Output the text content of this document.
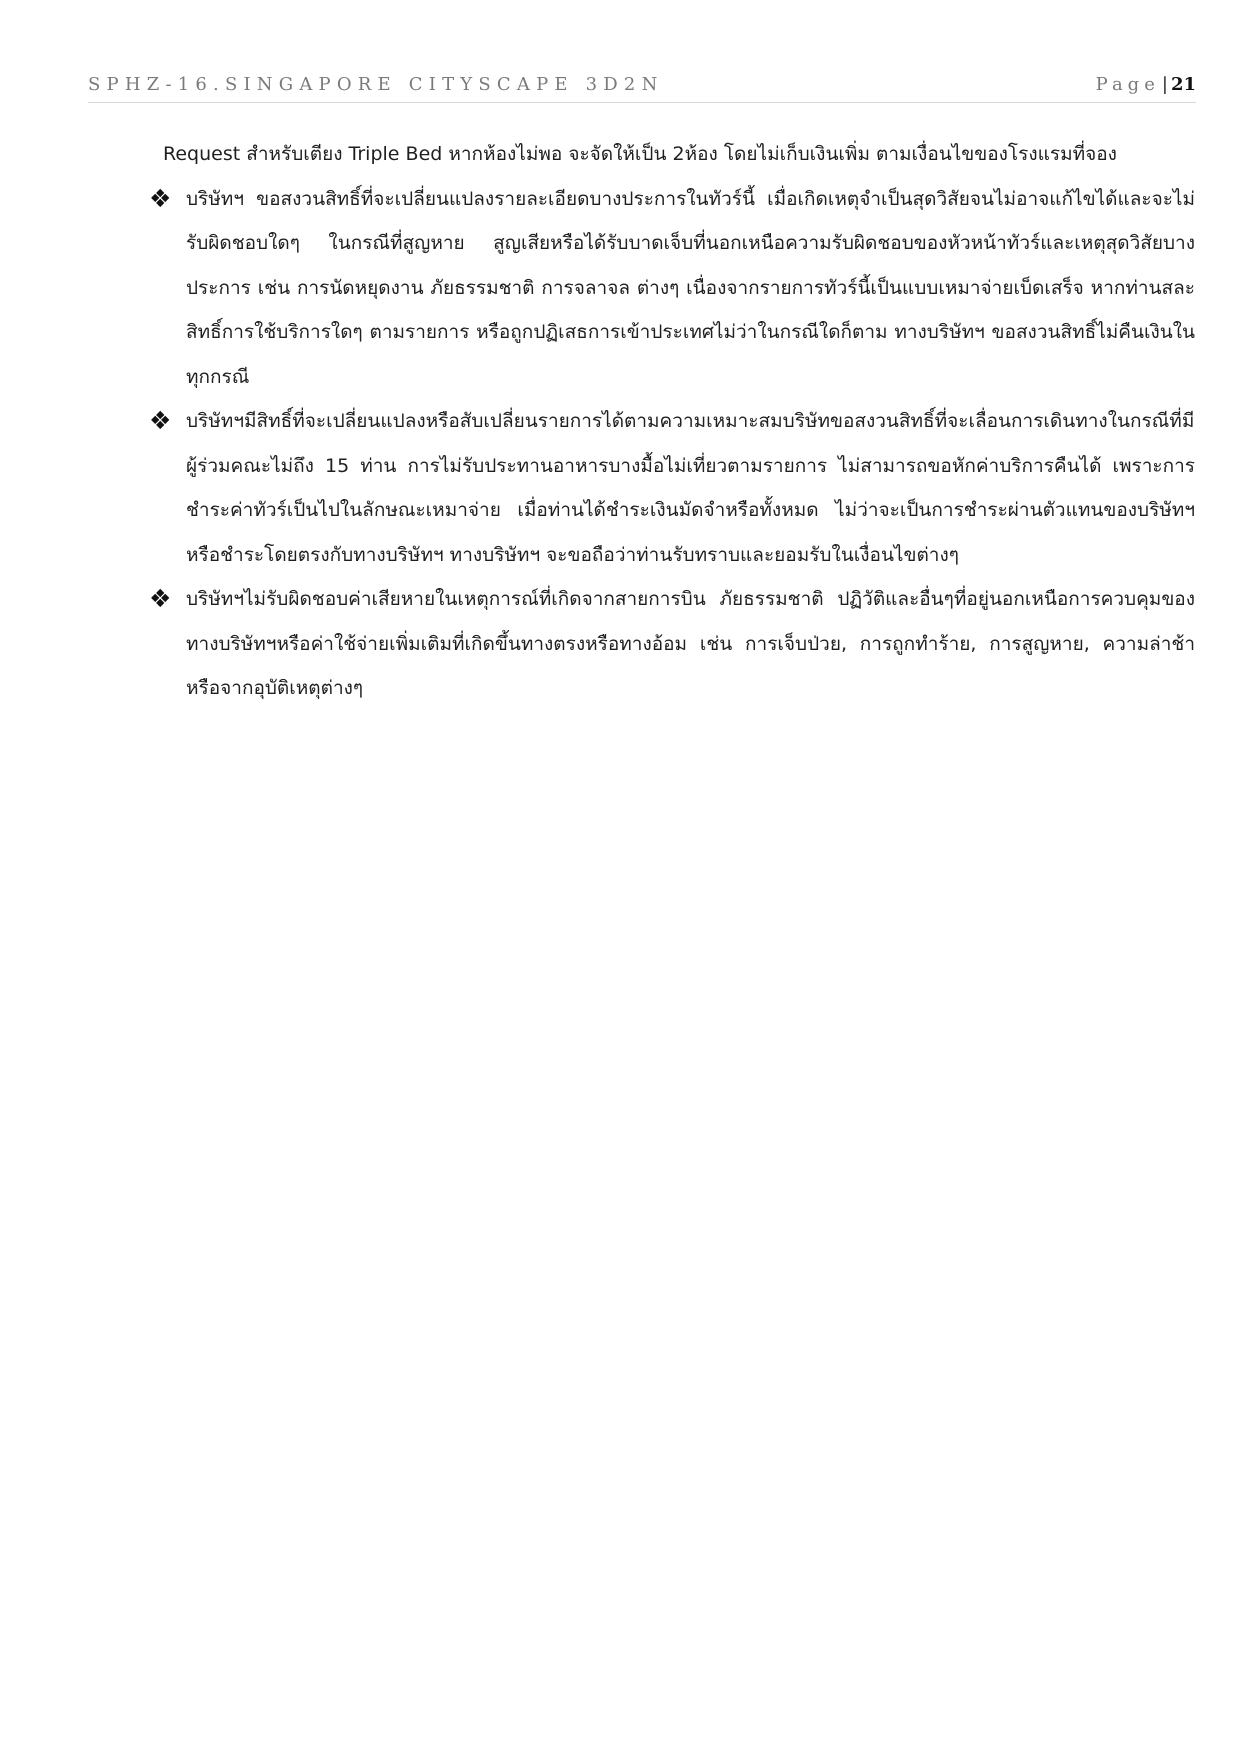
SPHZ-16.SINGAPORE CITYSCAPE 3D2N	Page | 21

Request สำหรับเตียง Triple Bed หากห้องไม่พอ จะจัดให้เป็น 2ห้อง โดยไม่เก็บเงินเพิ่ม ตามเงื่อนไขของโรงแรมที่จอง

❖ บริษัทฯ ขอสงวนสิทธิ์ที่จะเปลี่ยนแปลงรายละเอียดบางประการในทัวร์นี้ เมื่อเกิดเหตุจำเป็นสุดวิสัยจนไม่อาจแก้ไขได้และจะไม่รับผิดชอบใดๆ ในกรณีที่สูญหาย สูญเสียหรือได้รับบาดเจ็บที่นอกเหนือความรับผิดชอบของหัวหน้าทัวร์และเหตุสุดวิสัยบางประการ เช่น การนัดหยุดงาน ภัยธรรมชาติ การจลาจล ต่างๆ เนื่องจากรายการทัวร์นี้เป็นแบบเหมาจ่ายเบ็ดเสร็จ หากท่านสละสิทธิ์การใช้บริการใดๆ ตามรายการ หรือถูกปฏิเสธการเข้าประเทศไม่ว่าในกรณีใดก็ตาม ทางบริษัทฯ ขอสงวนสิทธิ์ไม่คืนเงินในทุกกรณี
❖ บริษัทฯมีสิทธิ์ที่จะเปลี่ยนแปลงหรือสับเปลี่ยนรายการได้ตามความเหมาะสมบริษัทขอสงวนสิทธิ์ที่จะเลื่อนการเดินทางในกรณีที่มีผู้ร่วมคณะไม่ถึง 15 ท่าน การไม่รับประทานอาหารบางมื้อไม่เที่ยวตามรายการ ไม่สามารถขอหักค่าบริการคืนได้ เพราะการชำระค่าทัวร์เป็นไปในลักษณะเหมาจ่าย เมื่อท่านได้ชำระเงินมัดจำหรือทั้งหมด ไม่ว่าจะเป็นการชำระผ่านตัวแทนของบริษัทฯ หรือชำระโดยตรงกับทางบริษัทฯ ทางบริษัทฯ จะขอถือว่าท่านรับทราบและยอมรับในเงื่อนไขต่างๆ
❖ บริษัทฯไม่รับผิดชอบค่าเสียหายในเหตุการณ์ที่เกิดจากสายการบิน ภัยธรรมชาติ ปฏิวัติและอื่นๆที่อยู่นอกเหนือการควบคุมของทางบริษัทฯหรือค่าใช้จ่ายเพิ่มเติมที่เกิดขึ้นทางตรงหรือทางอ้อม เช่น การเจ็บป่วย, การถูกทำร้าย, การสูญหาย, ความล่าช้า หรือจากอุบัติเหตุต่างๆ
